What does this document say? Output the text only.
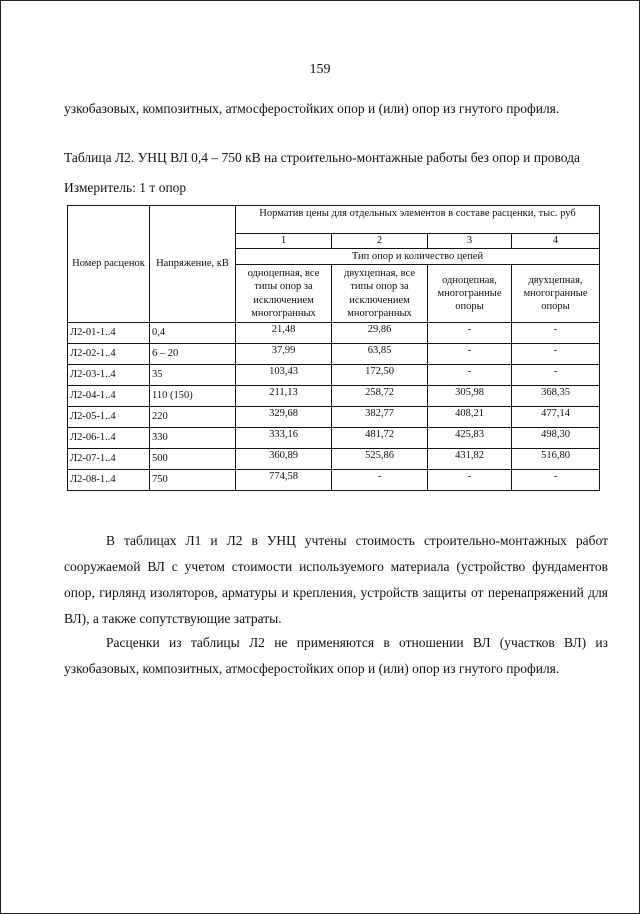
159
узкобазовых, композитных, атмосферостойких опор и (или) опор из гнутого профиля.
Таблица Л2. УНЦ ВЛ 0,4 – 750 кВ на строительно-монтажные работы без опор и провода
Измеритель: 1 т опор
Номер расценок	Напряжение, кВ	Норматив цены для отдельных элементов в составе расценки, тыс. руб			
		1	2	3	4
		Тип опор и количество цепей			
		одноцепная, все типы опор за исключением многогранных	двухцепная, все типы опор за исключением многогранных	одноцепная, многогранные опоры	двухцепная, многогранные опоры
Л2-01-1..4	0,4	21,48	29,86	-	-
Л2-02-1..4	6 – 20	37,99	63,85	-	-
Л2-03-1..4	35	103,43	172,50	-	-
Л2-04-1..4	110 (150)	211,13	258,72	305,98	368,35
Л2-05-1..4	220	329,68	382,77	408,21	477,14
Л2-06-1..4	330	333,16	481,72	425,83	498,30
Л2-07-1..4	500	360,89	525,86	431,82	516,80
Л2-08-1..4	750	774,58	-	-	-

В таблицах Л1 и Л2 в УНЦ учтены стоимость строительно-монтажных работ сооружаемой ВЛ с учетом стоимости используемого материала (устройство фундаментов опор, гирлянд изоляторов, арматуры и крепления, устройств защиты от перенапряжений для ВЛ), а также сопутствующие затраты.

Расценки из таблицы Л2 не применяются в отношении ВЛ (участков ВЛ) из узкобазовых, композитных, атмосферостойких опор и (или) опор из гнутого профиля.
